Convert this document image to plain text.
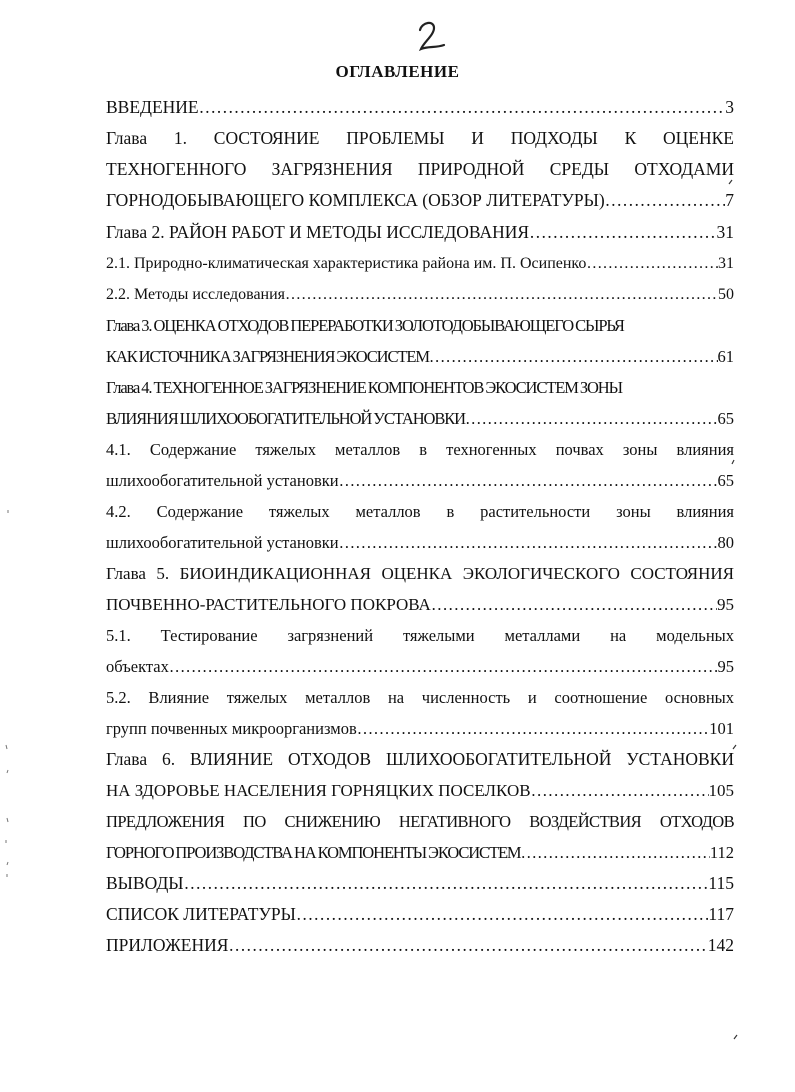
ОГЛАВЛЕНИЕ
ВВЕДЕНИЕ ………………………………………………………………………………………………………………………………………………………………	3
Глава 1. СОСТОЯНИЕ ПРОБЛЕМЫ И ПОДХОДЫ К ОЦЕНКЕ
ТЕХНОГЕННОГО ЗАГРЯЗНЕНИЯ ПРИРОДНОЙ СРЕДЫ ОТХОДАМИ
ГОРНОДОБЫВАЮЩЕГО КОМПЛЕКСА (ОБЗОР ЛИТЕРАТУРЫ) ………………………………………………………………………………………………………………………………………………………………	7
Глава 2. РАЙОН РАБОТ И МЕТОДЫ ИССЛЕДОВАНИЯ ………………………………………………………………………………………………………………………………………………………………	31
2.1. Природно-климатическая характеристика района им. П. Осипенко ………………………………………………………………………………………………………………………………………………………………	31
2.2. Методы исследования ………………………………………………………………………………………………………………………………………………………………	50
Глава 3. ОЦЕНКА ОТХОДОВ ПЕРЕРАБОТКИ ЗОЛОТОДОБЫВАЮЩЕГО СЫРЬЯ
КАК ИСТОЧНИКА ЗАГРЯЗНЕНИЯ ЭКОСИСТЕМ ………………………………………………………………………………………………………………………………………………………………	61
Глава 4. ТЕХНОГЕННОЕ ЗАГРЯЗНЕНИЕ КОМПОНЕНТОВ ЭКОСИСТЕМ ЗОНЫ
ВЛИЯНИЯ ШЛИХООБОГАТИТЕЛЬНОЙ УСТАНОВКИ ………………………………………………………………………………………………………………………………………………………………	65
4.1. Содержание тяжелых металлов в техногенных почвах зоны влияния
шлихообогатительной установки ………………………………………………………………………………………………………………………………………………………………	65
4.2. Содержание тяжелых металлов в растительности зоны влияния
шлихообогатительной установки ………………………………………………………………………………………………………………………………………………………………	80
Глава 5. БИОИНДИКАЦИОННАЯ ОЦЕНКА ЭКОЛОГИЧЕСКОГО СОСТОЯНИЯ
ПОЧВЕННО-РАСТИТЕЛЬНОГО ПОКРОВА ………………………………………………………………………………………………………………………………………………………………	95
5.1. Тестирование загрязнений тяжелыми металлами на модельных
объектах ………………………………………………………………………………………………………………………………………………………………	95
5.2. Влияние тяжелых металлов на численность и соотношение основных
групп почвенных микроорганизмов ………………………………………………………………………………………………………………………………………………………………	101
Глава 6. ВЛИЯНИЕ ОТХОДОВ ШЛИХООБОГАТИТЕЛЬНОЙ УСТАНОВКИ
НА ЗДОРОВЬЕ НАСЕЛЕНИЯ ГОРНЯЦКИХ ПОСЕЛКОВ ………………………………………………………………………………………………………………………………………………………………	105
ПРЕДЛОЖЕНИЯ ПО СНИЖЕНИЮ НЕГАТИВНОГО ВОЗДЕЙСТВИЯ ОТХОДОВ
ГОРНОГО ПРОИЗВОДСТВА НА КОМПОНЕНТЫ ЭКОСИСТЕМ ………………………………………………………………………………………………………………………………………………………………	112
ВЫВОДЫ ………………………………………………………………………………………………………………………………………………………………	115
СПИСОК ЛИТЕРАТУРЫ ………………………………………………………………………………………………………………………………………………………………	117
ПРИЛОЖЕНИЯ ………………………………………………………………………………………………………………………………………………………………	142
